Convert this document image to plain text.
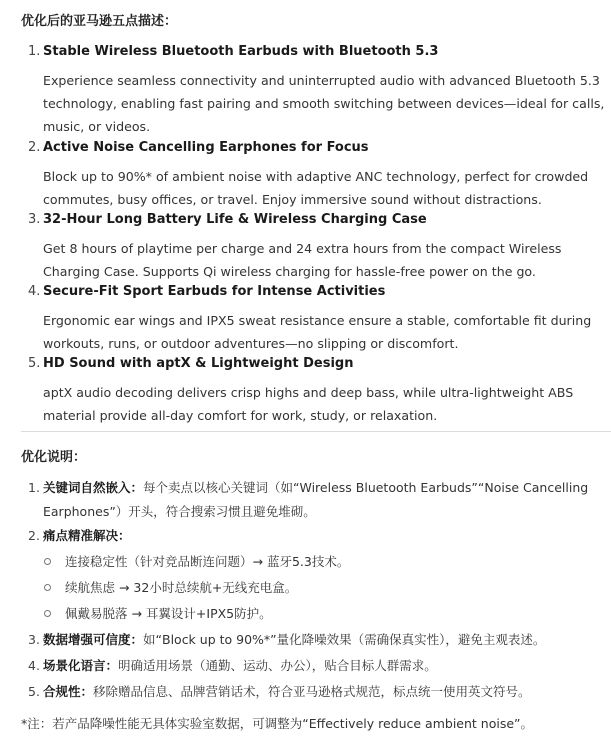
优化后的亚马逊五点描述：
1. Stable Wireless Bluetooth Earbuds with Bluetooth 5.3
Experience seamless connectivity and uninterrupted audio with advanced Bluetooth 5.3 technology, enabling fast pairing and smooth switching between devices—ideal for calls, music, or videos.
2. Active Noise Cancelling Earphones for Focus
Block up to 90%* of ambient noise with adaptive ANC technology, perfect for crowded commutes, busy offices, or travel. Enjoy immersive sound without distractions.
3. 32-Hour Long Battery Life & Wireless Charging Case
Get 8 hours of playtime per charge and 24 extra hours from the compact Wireless Charging Case. Supports Qi wireless charging for hassle-free power on the go.
4. Secure-Fit Sport Earbuds for Intense Activities
Ergonomic ear wings and IPX5 sweat resistance ensure a stable, comfortable fit during workouts, runs, or outdoor adventures—no slipping or discomfort.
5. HD Sound with aptX & Lightweight Design
aptX audio decoding delivers crisp highs and deep bass, while ultra-lightweight ABS material provide all-day comfort for work, study, or relaxation.
优化说明：
1. 关键词自然嵌入：每个卖点以核心关键词（如“Wireless Bluetooth Earbuds”“Noise Cancelling Earphones”）开头，符合搜索习惯且避免堆砌。
2. 痛点精准解决：
连接稳定性（针对竞品断连问题）→ 蓝牙5.3技术。
续航焦虑 → 32小时总续航+无线充电盒。
佩戴易脱落 → 耳翼设计+IPX5防护。
3. 数据增强可信度：如“Block up to 90%*”量化降噪效果（需确保真实性），避免主观表述。
4. 场景化语言：明确适用场景（通勤、运动、办公），贴合目标人群需求。
5. 合规性：移除赠品信息、品牌营销话术，符合亚马逊格式规范，标点统一使用英文符号。
*注：若产品降噪性能无具体实验室数据，可调整为“Effectively reduce ambient noise”。
